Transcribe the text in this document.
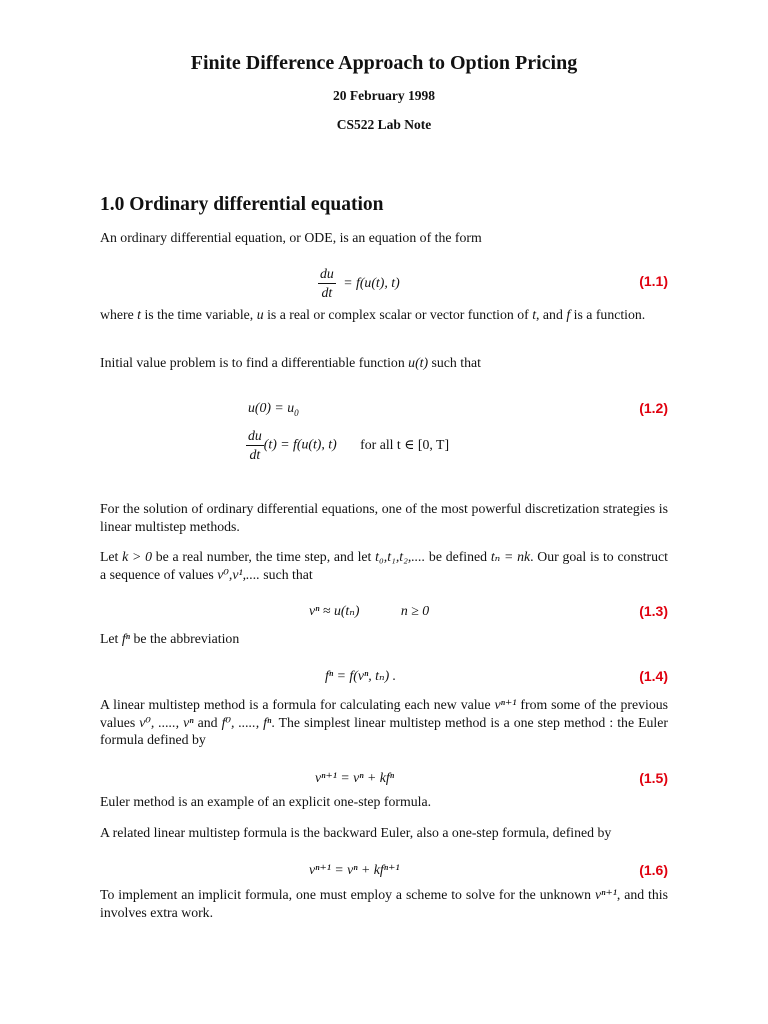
Finite Difference Approach to Option Pricing
20 February 1998
CS522 Lab Note
1.0 Ordinary differential equation
An ordinary differential equation, or ODE, is an equation of the form
$\frac{du}{dt} = f(u(t)$, t)	(1.1)
where t is the time variable, u is a real or complex scalar or vector function of t, and f is a function.
Initial value problem is to find a differentiable function u(t) such that
$u(0) = u_0$	(1.2)
$\frac{du}{dt} (t) = f(u(t)$, t) for all t ∈ [0, T]
For the solution of ordinary differential equations, one of the most powerful discretization strategies is linear multistep methods.
Let k > 0 be a real number, the time step, and let t₀,t₁,t₂,.... be defined tₙ = nk. Our goal is to construct a sequence of values v⁰,v¹,.... such that
vⁿ ≈ u(tₙ)	n ≥ 0	(1.3)
Let fⁿ be the abbreviation
fⁿ = f(vⁿ, tₙ) .	(1.4)
A linear multistep method is a formula for calculating each new value vⁿ⁺¹ from some of the previous values v⁰, ....., vⁿ and f⁰, ....., fⁿ. The simplest linear multistep method is a one step method : the Euler formula defined by
vⁿ⁺¹ = vⁿ + kfⁿ	(1.5)
Euler method is an example of an explicit one-step formula.
A related linear multistep formula is the backward Euler, also a one-step formula, defined by
vⁿ⁺¹ = vⁿ + kfⁿ⁺¹	(1.6)
To implement an implicit formula, one must employ a scheme to solve for the unknown vⁿ⁺¹, and this involves extra work.
